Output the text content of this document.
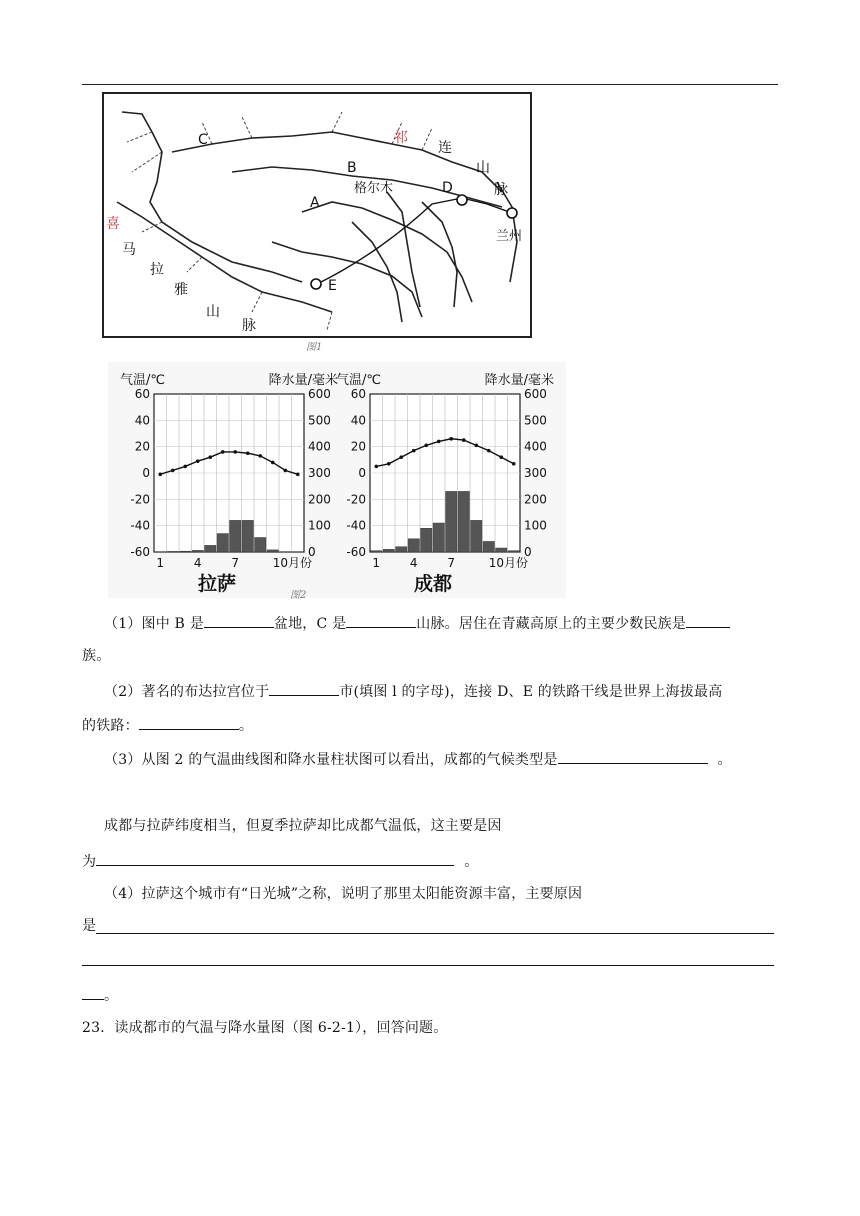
C
B
A
D
E
祁
连
山
脉
格尔木
兰州
喜
马
拉
雅
山
脉
图1
60
40
20
0
-20
-40
-60
600
500
400
300
200
100
0
气温/℃	降水量/毫米
1 4 7	10月份
拉萨
60
40
20
0
-20
-40
-60
600
500
400
300
200
100
0
气温/℃	降水量/毫米
1 4 7	10月份
成都
图2
（1）图中 B 是	盆地，C 是	山脉。居住在青藏高原上的主要少数民族是
族。
（2）著名的布达拉宫位于	市(填图 l 的字母)，连接 D、E 的铁路干线是世界上海拔最高
的铁路：	。
（3）从图 2 的气温曲线图和降水量柱状图可以看出，成都的气候类型是	。
成都与拉萨纬度相当，但夏季拉萨却比成都气温低，这主要是因
为	。
（4）拉萨这个城市有“日光城”之称，说明了那里太阳能资源丰富，主要原因
是
。
23．读成都市的气温与降水量图（图 6-2-1），回答问题。
